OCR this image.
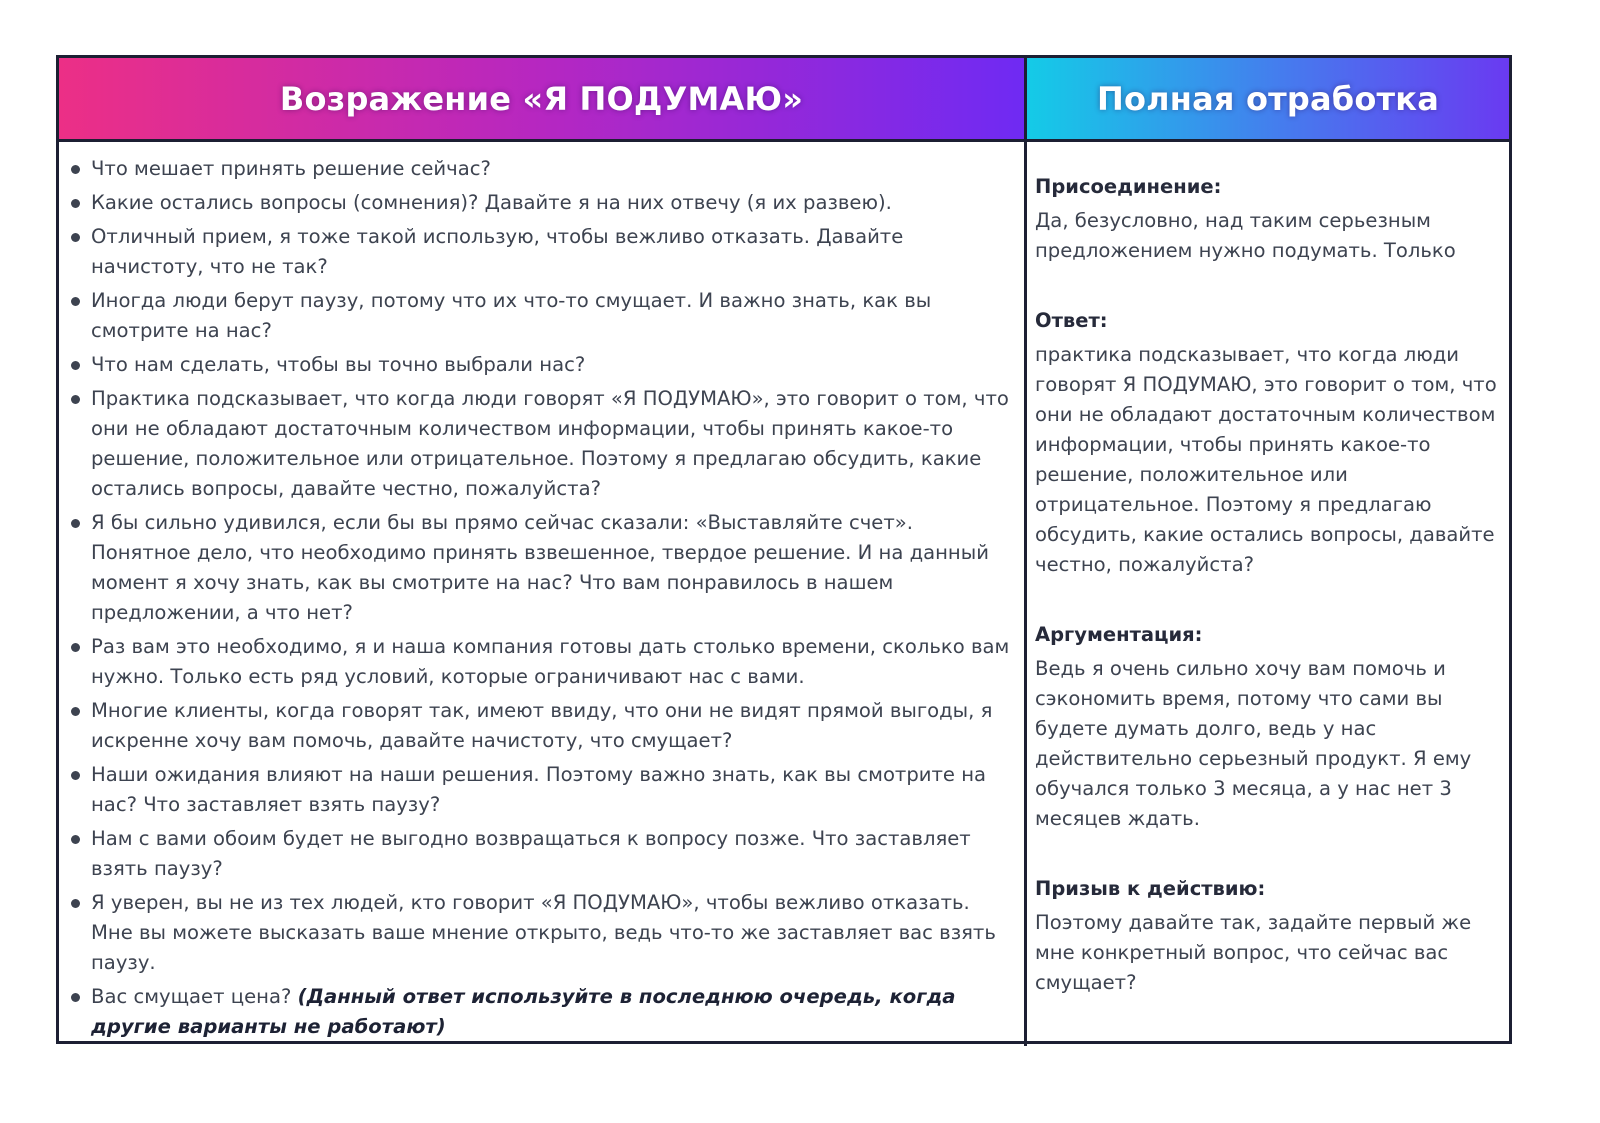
Возражение «Я ПОДУМАЮ»	Полная отработка
Что мешает принять решение сейчас?
Какие остались вопросы (сомнения)? Давайте я на них отвечу (я их развею).
Отличный прием, я тоже такой использую, чтобы вежливо отказать. Давайте начистоту, что не так?
Иногда люди берут паузу, потому что их что-то смущает. И важно знать, как вы смотрите на нас?
Что нам сделать, чтобы вы точно выбрали нас?
Практика подсказывает, что когда люди говорят «Я ПОДУМАЮ», это говорит о том, что они не обладают достаточным количеством информации, чтобы принять какое-то решение, положительное или отрицательное. Поэтому я предлагаю обсудить, какие остались вопросы, давайте честно, пожалуйста?
Я бы сильно удивился, если бы вы прямо сейчас сказали: «Выставляйте счет». Понятное дело, что необходимо принять взвешенное, твердое решение. И на данный момент я хочу знать, как вы смотрите на нас? Что вам понравилось в нашем предложении, а что нет?
Раз вам это необходимо, я и наша компания готовы дать столько времени, сколько вам нужно. Только есть ряд условий, которые ограничивают нас с вами.
Многие клиенты, когда говорят так, имеют ввиду, что они не видят прямой выгоды, я искренне хочу вам помочь, давайте начистоту, что смущает?
Наши ожидания влияют на наши решения. Поэтому важно знать, как вы смотрите на нас? Что заставляет взять паузу?
Нам с вами обоим будет не выгодно возвращаться к вопросу позже. Что заставляет взять паузу?
Я уверен, вы не из тех людей, кто говорит «Я ПОДУМАЮ», чтобы вежливо отказать. Мне вы можете высказать ваше мнение открыто, ведь что-то же заставляет вас взять паузу.
Вас смущает цена? (Данный ответ используйте в последнюю очередь, когда другие варианты не работают)
Присоединение:
Да, безусловно, над таким серьезным предложением нужно подумать. Только
Ответ:
практика подсказывает, что когда люди говорят Я ПОДУМАЮ, это говорит о том, что они не обладают достаточным количеством информации, чтобы принять какое-то решение, положительное или отрицательное. Поэтому я предлагаю обсудить, какие остались вопросы, давайте честно, пожалуйста?
Аргументация:
Ведь я очень сильно хочу вам помочь и сэкономить время, потому что сами вы будете думать долго, ведь у нас действительно серьезный продукт. Я ему обучался только 3 месяца, а у нас нет 3 месяцев ждать.
Призыв к действию:
Поэтому давайте так, задайте первый же мне конкретный вопрос, что сейчас вас смущает?
